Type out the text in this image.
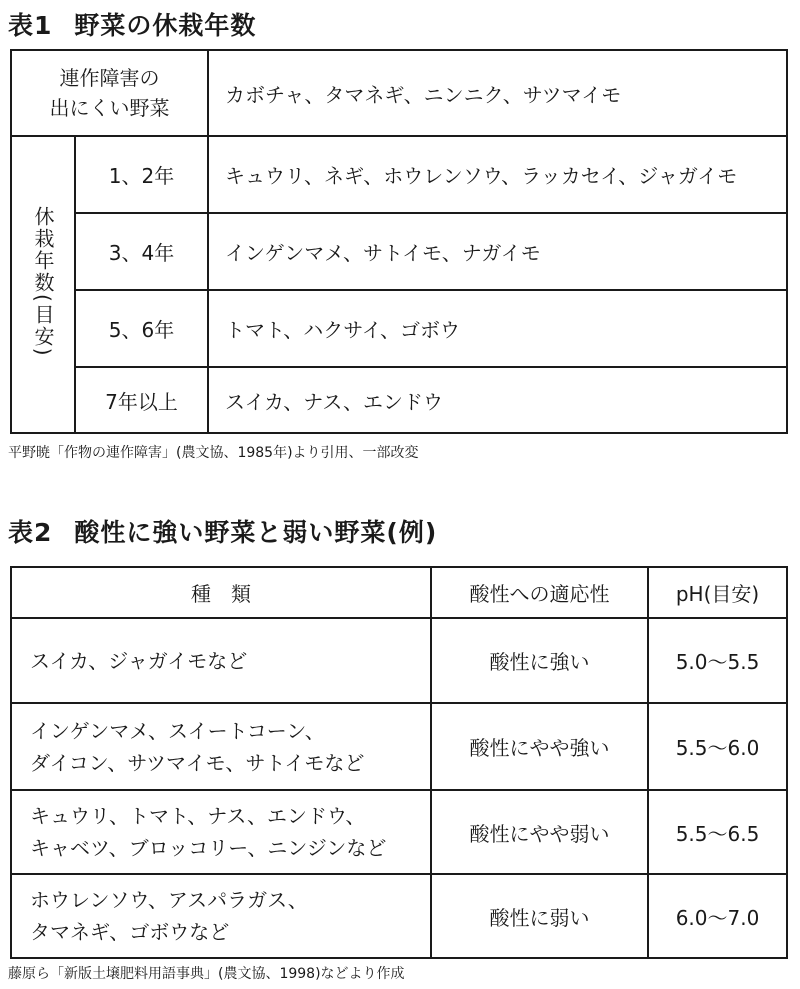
表1 野菜の休栽年数
連作障害の
出にくい野菜		カボチャ、タマネギ、ニンニク、サツマイモ
休栽年数(目安)	1、2年	キュウリ、ネギ、ホウレンソウ、ラッカセイ、ジャガイモ
	3、4年	インゲンマメ、サトイモ、ナガイモ
	5、6年	トマト、ハクサイ、ゴボウ
	7年以上	スイカ、ナス、エンドウ
平野暁「作物の連作障害」(農文協、1985年)より引用、一部改変
表2 酸性に強い野菜と弱い野菜(例)
種　類	酸性への適応性	pH(目安)

スイカ、ジャガイモなど	酸性に強い	5.0〜5.5

インゲンマメ、スイートコーン、
ダイコン、サツマイモ、サトイモなど	酸性にやや強い	5.5〜6.0

キュウリ、トマト、ナス、エンドウ、
キャベツ、ブロッコリー、ニンジンなど	酸性にやや弱い	5.5〜6.5

ホウレンソウ、アスパラガス、
タマネギ、ゴボウなど	酸性に弱い	6.0〜7.0
藤原ら「新版土壌肥料用語事典」(農文協、1998)などより作成
